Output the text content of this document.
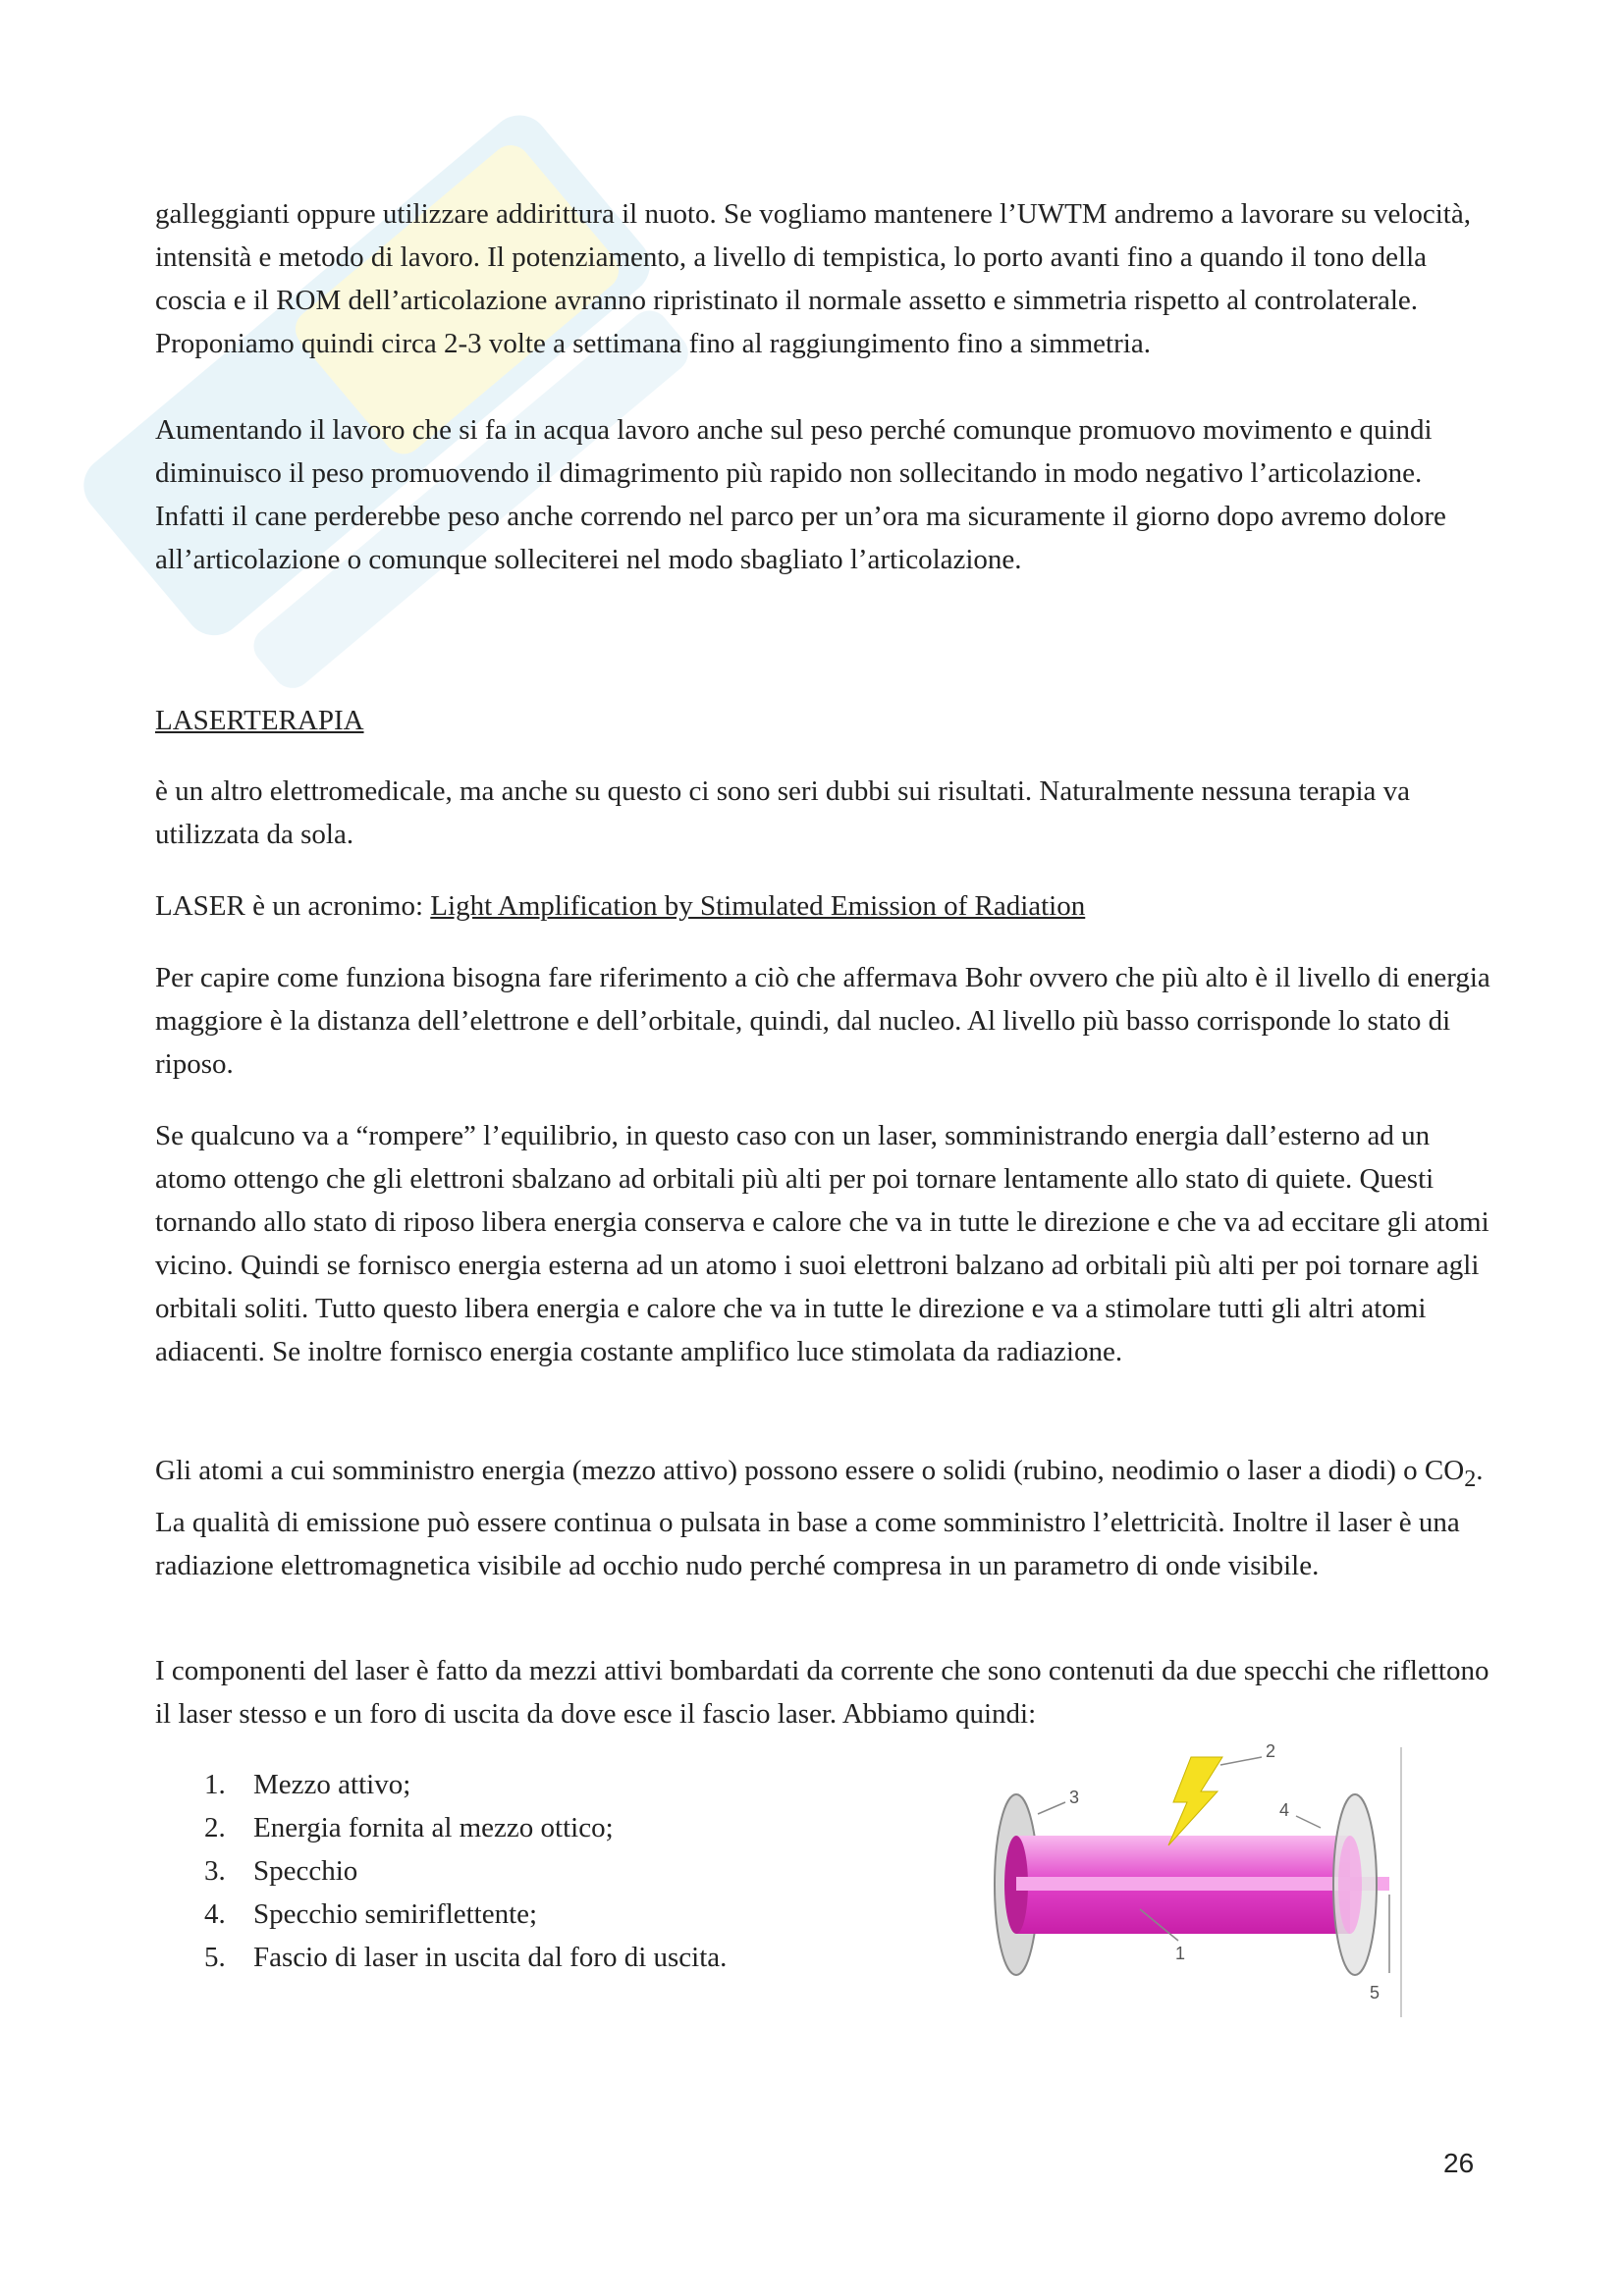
galleggianti oppure utilizzare addirittura il nuoto. Se vogliamo mantenere l’UWTM andremo a lavorare su velocità, intensità e metodo di lavoro. Il potenziamento, a livello di tempistica, lo porto avanti fino a quando il tono della coscia e il ROM dell’articolazione avranno ripristinato il normale assetto e simmetria rispetto al controlaterale. Proponiamo quindi circa 2-3 volte a settimana fino al raggiungimento fino a simmetria.

Aumentando il lavoro che si fa in acqua lavoro anche sul peso perché comunque promuovo movimento e quindi diminuisco il peso promuovendo il dimagrimento più rapido non sollecitando in modo negativo l’articolazione. Infatti il cane perderebbe peso anche correndo nel parco per un’ora ma sicuramente il giorno dopo avremo dolore all’articolazione o comunque solleciterei nel modo sbagliato l’articolazione.

LASERTERAPIA

è un altro elettromedicale, ma anche su questo ci sono seri dubbi sui risultati. Naturalmente nessuna terapia va utilizzata da sola.

LASER è un acronimo: Light Amplification by Stimulated Emission of Radiation

Per capire come funziona bisogna fare riferimento a ciò che affermava Bohr ovvero che più alto è il livello di energia maggiore è la distanza dell’elettrone e dell’orbitale, quindi, dal nucleo. Al livello più basso corrisponde lo stato di riposo.

Se qualcuno va a “rompere” l’equilibrio, in questo caso con un laser, somministrando energia dall’esterno ad un atomo ottengo che gli elettroni sbalzano ad orbitali più alti per poi tornare lentamente allo stato di quiete. Questi tornando allo stato di riposo libera energia conserva e calore che va in tutte le direzione e che va ad eccitare gli atomi vicino. Quindi se fornisco energia esterna ad un atomo i suoi elettroni balzano ad orbitali più alti per poi tornare agli orbitali soliti. Tutto questo libera energia e calore che va in tutte le direzione e va a stimolare tutti gli altri atomi adiacenti. Se inoltre fornisco energia costante amplifico luce stimolata da radiazione.

Gli atomi a cui somministro energia (mezzo attivo) possono essere o solidi (rubino, neodimio o laser a diodi) o $CO_2$. La qualità di emissione può essere continua o pulsata in base a come somministro l’elettricità. Inoltre il laser è una radiazione elettromagnetica visibile ad occhio nudo perché compresa in un parametro di onde visibile.

I componenti del laser è fatto da mezzi attivi bombardati da corrente che sono contenuti da due specchi che riflettono il laser stesso e un foro di uscita da dove esce il fascio laser. Abbiamo quindi:

1. Mezzo attivo;
2. Energia fornita al mezzo ottico;
3. Specchio
4. Specchio semiriflettente;
5. Fascio di laser in uscita dal foro di uscita.
2
3
4
1
5
26
